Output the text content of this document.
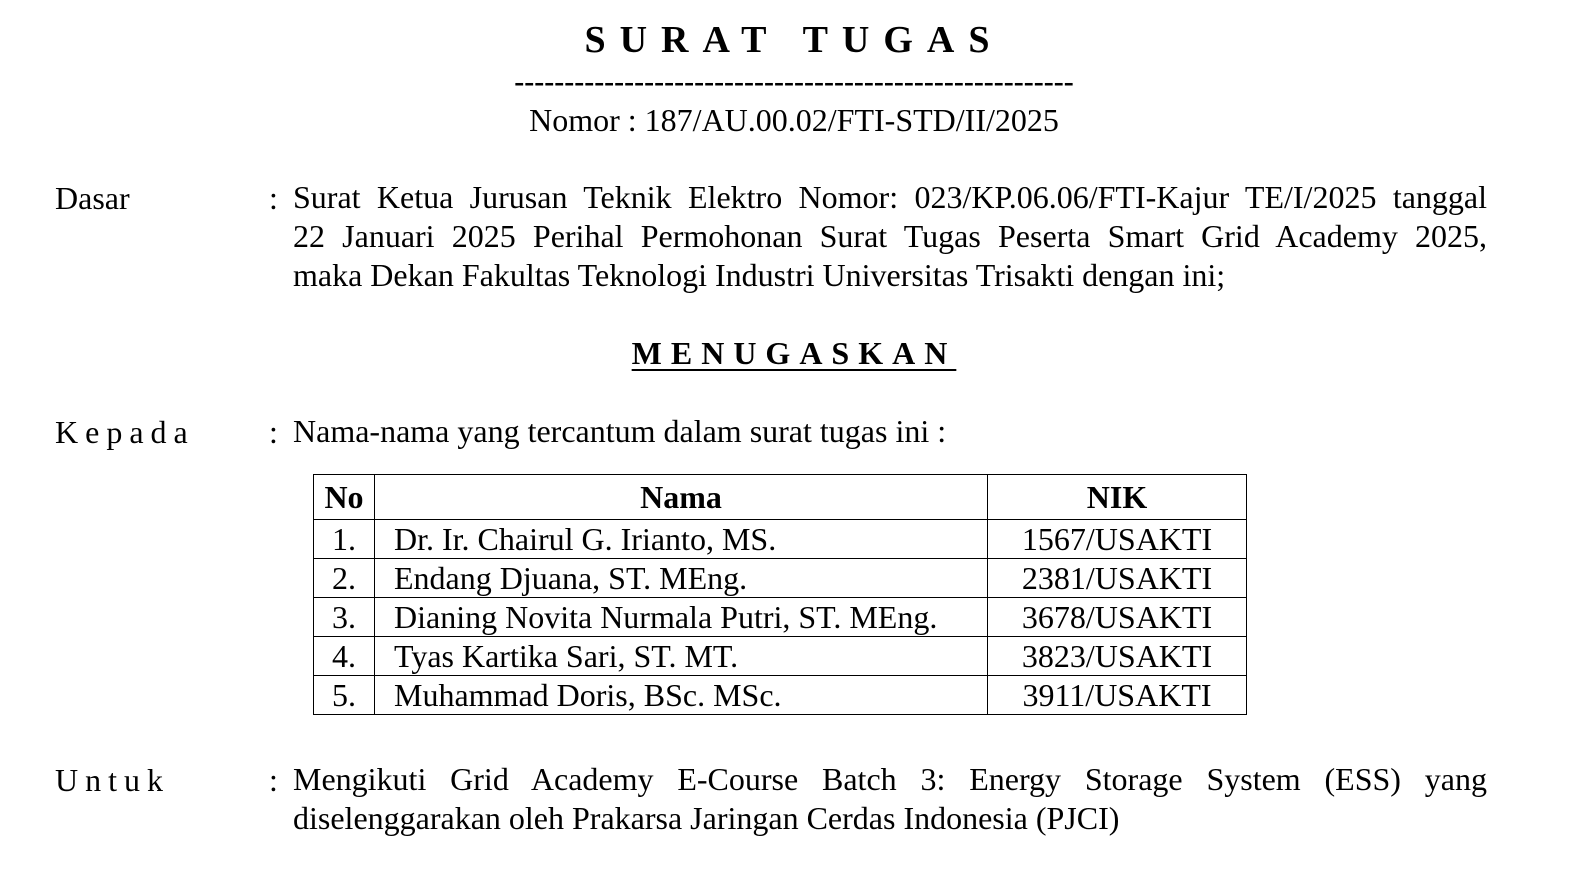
SURAT TUGAS
--------------------------------------------------------
Nomor : 187/AU.00.02/FTI-STD/II/2025
Dasar	: Surat Ketua Jurusan Teknik Elektro Nomor: 023/KP.06.06/FTI-Kajur TE/I/2025 tanggal
22 Januari 2025 Perihal Permohonan Surat Tugas Peserta Smart Grid Academy 2025,
maka Dekan Fakultas Teknologi Industri Universitas Trisakti dengan ini;
MENUGASKAN
Kepada : Nama-nama yang tercantum dalam surat tugas ini :
No	Nama	NIK
1.	Dr. Ir. Chairul G. Irianto, MS.	1567/USAKTI
2.	Endang Djuana, ST. MEng.	2381/USAKTI
3.	Dianing Novita Nurmala Putri, ST. MEng.	3678/USAKTI
4.	Tyas Kartika Sari, ST. MT.	3823/USAKTI
5.	Muhammad Doris, BSc. MSc.	3911/USAKTI
Untuk	: Mengikuti Grid Academy E-Course Batch 3: Energy Storage System (ESS) yang
diselenggarakan oleh Prakarsa Jaringan Cerdas Indonesia (PJCI)
